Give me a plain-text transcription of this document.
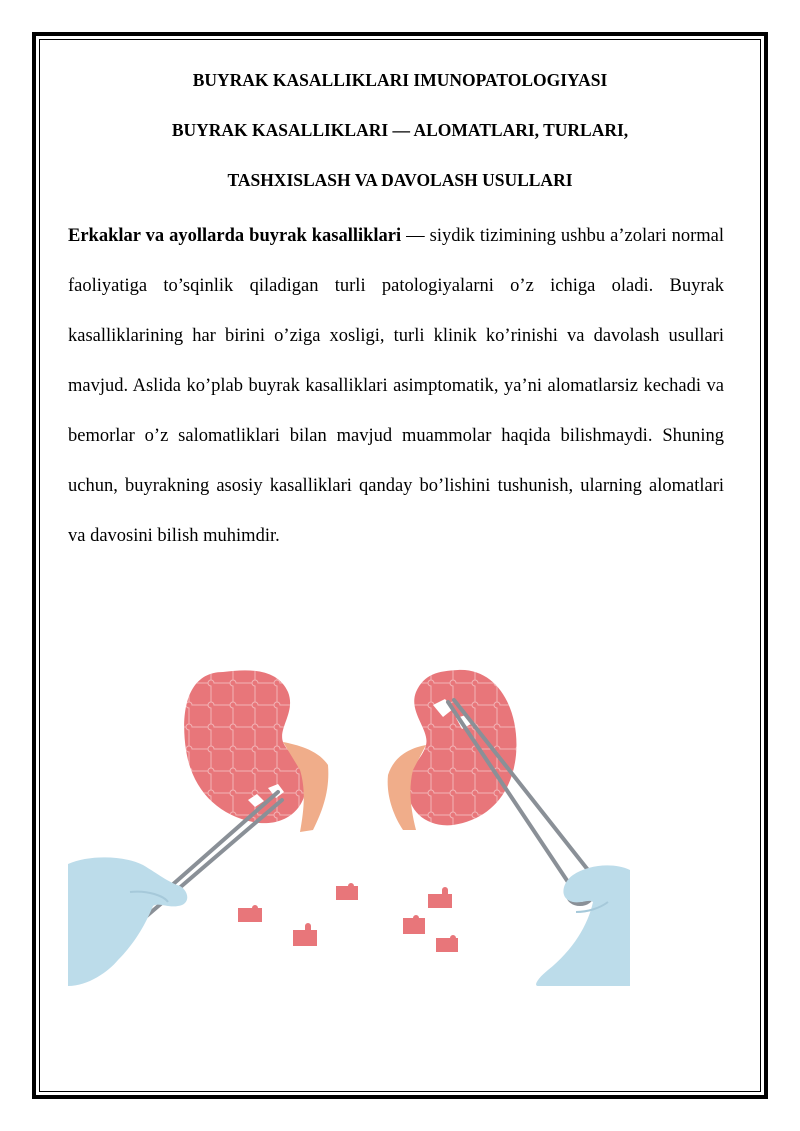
BUYRAK KASALLIKLARI IMUNOPATOLOGIYASI
BUYRAK KASALLIKLARI — ALOMATLARI, TURLARI,
TASHXISLASH VA DAVOLASH USULLARI

Erkaklar va ayollarda buyrak kasalliklari — siydik tizimining ushbu a’zolari normal faoliyatiga to’sqinlik qiladigan turli patologiyalarni o’z ichiga oladi. Buyrak kasalliklarining har birini o’ziga xosligi, turli klinik ko’rinishi va davolash usullari mavjud. Aslida ko’plab buyrak kasalliklari asimptomatik, ya’ni alomatlarsiz kechadi va bemorlar o’z salomatliklari bilan mavjud muammolar haqida bilishmaydi. Shuning uchun, buyrakning asosiy kasalliklari qanday bo’lishini tushunish, ularning alomatlari va davosini bilish muhimdir.
